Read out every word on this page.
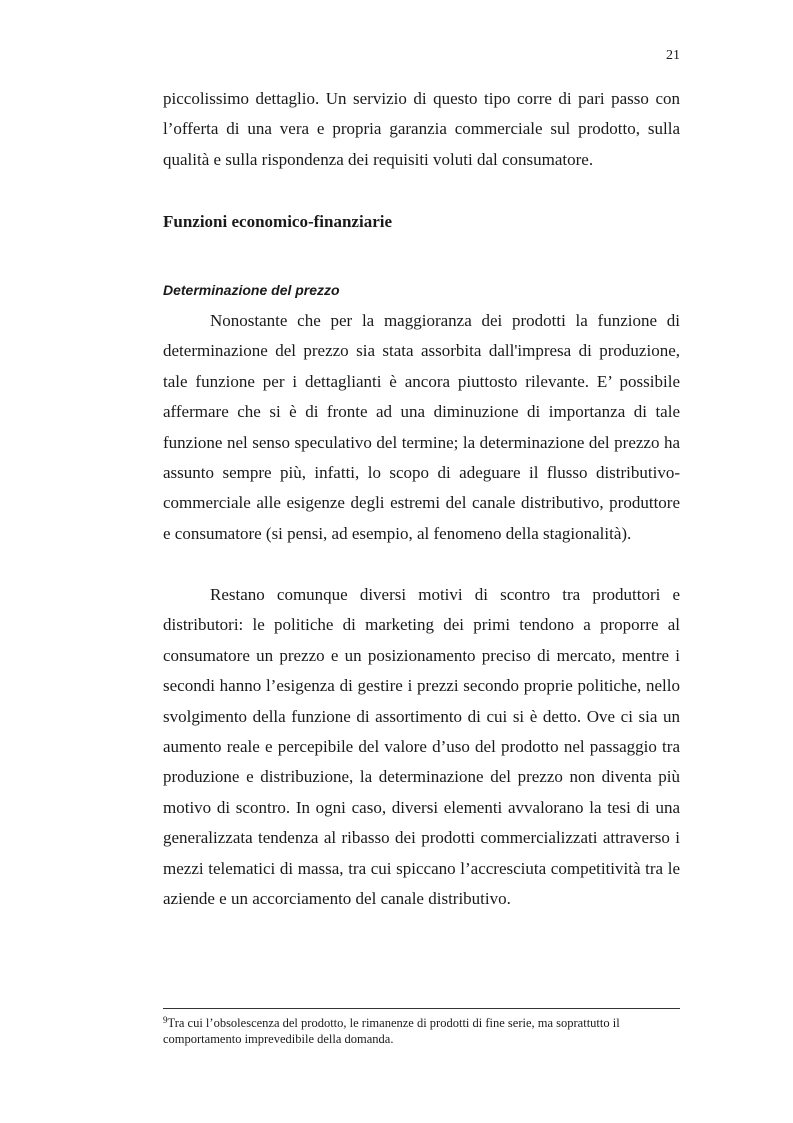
21

piccolissimo dettaglio. Un servizio di questo tipo corre di pari passo con l’offerta di una vera e propria garanzia commerciale sul prodotto, sulla qualità e sulla rispondenza dei requisiti voluti dal consumatore.

Funzioni economico-finanziarie
Determinazione del prezzo

Nonostante che per la maggioranza dei prodotti la funzione di determinazione del prezzo sia stata assorbita dall'impresa di produzione, tale funzione per i dettaglianti è ancora piuttosto rilevante. E’ possibile affermare che si è di fronte ad una diminuzione di importanza di tale funzione nel senso speculativo del termine; la determinazione del prezzo ha assunto sempre più, infatti, lo scopo di adeguare il flusso distributivo-commerciale alle esigenze degli estremi del canale distributivo, produttore e consumatore (si pensi, ad esempio, al fenomeno della stagionalità).

Restano comunque diversi motivi di scontro tra produttori e distributori: le politiche di marketing dei primi tendono a proporre al consumatore un prezzo e un posizionamento preciso di mercato, mentre i secondi hanno l’esigenza di gestire i prezzi secondo proprie politiche, nello svolgimento della funzione di assortimento di cui si è detto. Ove ci sia un aumento reale e percepibile del valore d’uso del prodotto nel passaggio tra produzione e distribuzione, la determinazione del prezzo non diventa più motivo di scontro. In ogni caso, diversi elementi avvalorano la tesi di una generalizzata tendenza al ribasso dei prodotti commercializzati attraverso i mezzi telematici di massa, tra cui spiccano l’accresciuta competitività tra le aziende e un accorciamento del canale distributivo.

$^9$Tra cui l’obsolescenza del prodotto, le rimanenze di prodotti di fine serie, ma soprattutto il comportamento imprevedibile della domanda.
